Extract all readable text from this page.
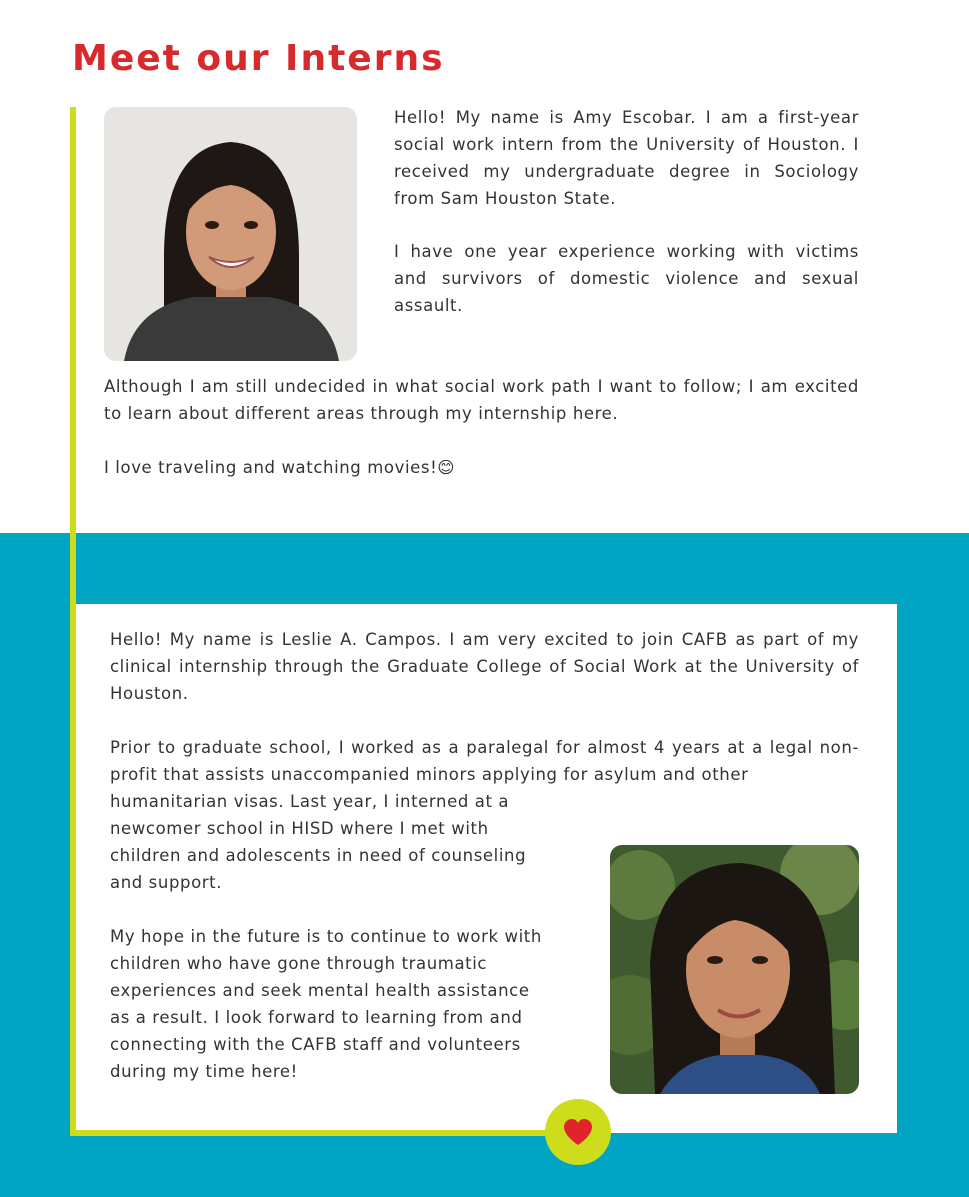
Meet our Interns

Hello! My name is Amy Escobar. I am a first-year social work intern from the University of Houston. I received my undergraduate degree in Sociology from Sam Houston State.

I have one year experience working with victims and survivors of domestic violence and sexual assault.

Although I am still undecided in what social work path I want to follow; I am excited to learn about different areas through my internship here.

I love traveling and watching movies!😊

Hello! My name is Leslie A. Campos. I am very excited to join CAFB as part of my clinical internship through the Graduate College of Social Work at the University of Houston.

Prior to graduate school, I worked as a paralegal for almost 4 years at a legal non-profit that assists unaccompanied minors applying for asylum and other

humanitarian visas. Last year, I interned at a newcomer school in HISD where I met with children and adolescents in need of counseling and support.

My hope in the future is to continue to work with children who have gone through traumatic experiences and seek mental health assistance as a result. I look forward to learning from and connecting with the CAFB staff and volunteers during my time here!
